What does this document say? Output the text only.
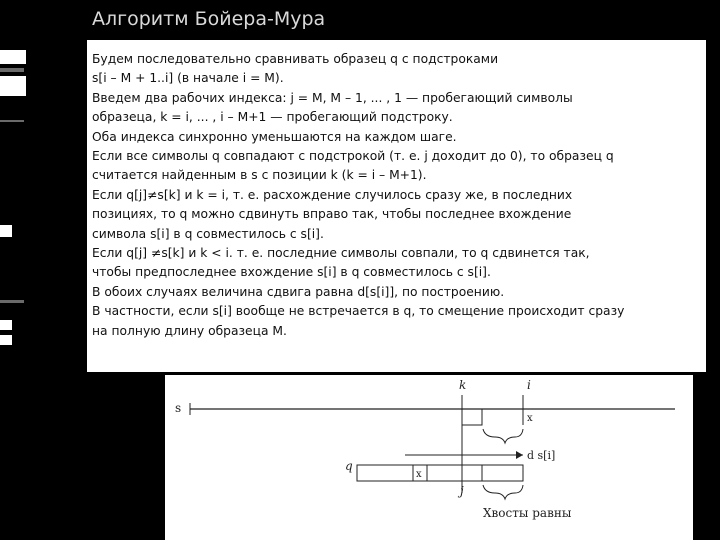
Алгоритм Бойера-Мура
Будем последовательно сравнивать образец q с подстроками
s[i – M + 1..i] (в начале i = M).
Введем два рабочих индекса: j = M, M – 1, ... , 1 — пробегающий символы
образеца, k = i, ... , i – M+1 — пробегающий подстроку.
Оба индекса синхронно уменьшаются на каждом шаге.
Если все символы q совпадают с подстрокой (т. е. j доходит до 0), то образец q
считается найденным в s с позиции k (k = i – M+1).
Если q[j]≠s[k] и k = i, т. е. расхождение случилось сразу же, в последних
позициях, то q можно сдвинуть вправо так, чтобы последнее вхождение
символа s[i] в q совместилось с s[i].
Если q[j] ≠s[k] и k < i. т. е. последние символы совпали, то q сдвинется так,
чтобы предпоследнее вхождение s[i] в q совместилось с s[i].
В обоих случаях величина сдвига равна d[s[i]], по построению.
В частности, если s[i] вообще не встречается в q, то смещение происходит сразу
на полную длину образеца M.
s
k	i
x
d s[i]
q
x
j
Хвосты равны
